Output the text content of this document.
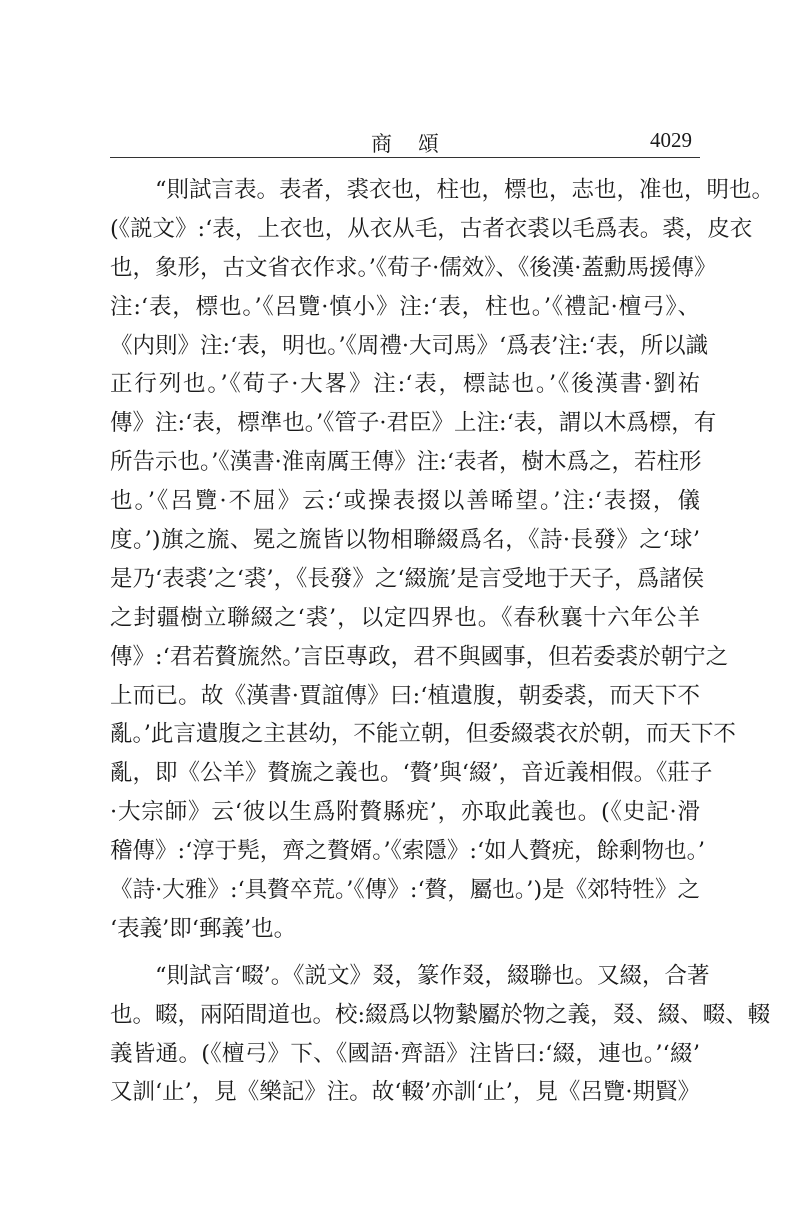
商頌	4029
“則試言表。表者，裘衣也，柱也，標也，志也，准也，明也。
(《説文》:‘表，上衣也，从衣从毛，古者衣裘以毛爲表。裘，皮衣
也，象形，古文省衣作求。’《荀子·儒效》、《後漢·蓋勳馬援傳》
注:‘表，標也。’《呂覽·慎小》注:‘表，柱也。’《禮記·檀弓》、
《内則》注:‘表，明也。’《周禮·大司馬》‘爲表’注:‘表，所以識
正行列也。’《荀子·大畧》注:‘表，標誌也。’《後漢書·劉祐
傳》注:‘表，標準也。’《管子·君臣》上注:‘表，謂以木爲標，有
所告示也。’《漢書·淮南厲王傳》注:‘表者，樹木爲之，若柱形
也。’《呂覽·不屈》云:‘或操表掇以善晞望。’注:‘表掇，儀
度。’)旗之旒、冕之旒皆以物相聯綴爲名，《詩·長發》之‘球’
是乃‘表裘’之‘裘’，《長發》之‘綴旒’是言受地于天子，爲諸侯
之封疆樹立聯綴之‘裘’，以定四界也。《春秋襄十六年公羊
傳》:‘君若贅旒然。’言臣專政，君不與國事，但若委裘於朝宁之
上而已。故《漢書·賈誼傳》曰:‘植遺腹，朝委裘，而天下不
亂。’此言遺腹之主甚幼，不能立朝，但委綴裘衣於朝，而天下不
亂，即《公羊》贅旒之義也。‘贅’與‘綴’，音近義相假。《莊子
·大宗師》云‘彼以生爲附贅縣疣’，亦取此義也。(《史記·滑
稽傳》:‘淳于髡，齊之贅婿。’《索隱》:‘如人贅疣，餘剩物也。’
《詩·大雅》:‘具贅卒荒。’《傳》:‘贅，屬也。’)是《郊特牲》之
‘表義’即‘郵義’也。
“則試言‘畷’。《説文》叕，篆作叕，綴聯也。又綴，合著
也。畷，兩陌間道也。校:綴爲以物縶屬於物之義，叕、綴、畷、輟
義皆通。(《檀弓》下、《國語·齊語》注皆曰:‘綴，連也。’‘綴’
又訓‘止’，見《樂記》注。故‘輟’亦訓‘止’，見《呂覽·期賢》
